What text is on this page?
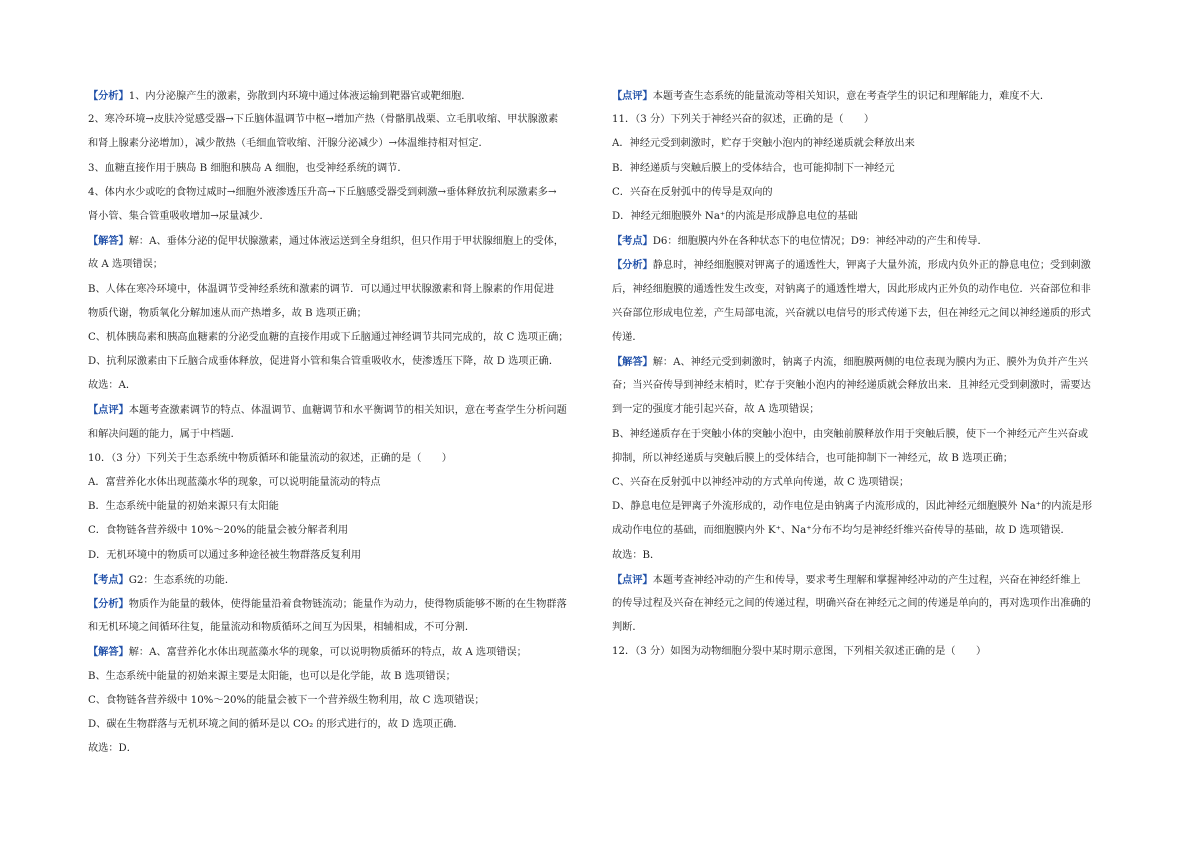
【分析】1、内分泌腺产生的激素，弥散到内环境中通过体液运输到靶器官或靶细胞．
2、寒冷环境→皮肤冷觉感受器→下丘脑体温调节中枢→增加产热（骨骼肌战栗、立毛肌收缩、甲状腺激素
和肾上腺素分泌增加），减少散热（毛细血管收缩、汗腺分泌减少）→体温维持相对恒定．
3、血糖直接作用于胰岛 B 细胞和胰岛 A 细胞，也受神经系统的调节．
4、体内水少或吃的食物过咸时→细胞外液渗透压升高→下丘脑感受器受到刺激→垂体释放抗利尿激素多→
肾小管、集合管重吸收增加→尿量减少．
【解答】解：A、垂体分泌的促甲状腺激素，通过体液运送到全身组织，但只作用于甲状腺细胞上的受体，
故 A 选项错误；
B、人体在寒冷环境中，体温调节受神经系统和激素的调节．可以通过甲状腺激素和肾上腺素的作用促进
物质代谢，物质氧化分解加速从而产热增多，故 B 选项正确；
C、机体胰岛素和胰高血糖素的分泌受血糖的直接作用或下丘脑通过神经调节共同完成的，故 C 选项正确；
D、抗利尿激素由下丘脑合成垂体释放，促进肾小管和集合管重吸收水，使渗透压下降，故 D 选项正确．
故选：A．
【点评】本题考查激素调节的特点、体温调节、血糖调节和水平衡调节的相关知识，意在考查学生分析问题
和解决问题的能力，属于中档题．
10．（3 分）下列关于生态系统中物质循环和能量流动的叙述，正确的是（　　）
A．富营养化水体出现蓝藻水华的现象，可以说明能量流动的特点
B．生态系统中能量的初始来源只有太阳能
C．食物链各营养级中 10%～20%的能量会被分解者利用
D．无机环境中的物质可以通过多种途径被生物群落反复利用
【考点】G2：生态系统的功能．
【分析】物质作为能量的载体，使得能量沿着食物链流动；能量作为动力，使得物质能够不断的在生物群落
和无机环境之间循环往复，能量流动和物质循环之间互为因果，相辅相成，不可分割．
【解答】解：A、富营养化水体出现蓝藻水华的现象，可以说明物质循环的特点，故 A 选项错误；
B、生态系统中能量的初始来源主要是太阳能，也可以是化学能，故 B 选项错误；
C、食物链各营养级中 10%～20%的能量会被下一个营养级生物利用，故 C 选项错误；
D、碳在生物群落与无机环境之间的循环是以 CO₂ 的形式进行的，故 D 选项正确．
故选：D．
【点评】本题考查生态系统的能量流动等相关知识，意在考查学生的识记和理解能力，难度不大．
11．（3 分）下列关于神经兴奋的叙述，正确的是（　　）
A．神经元受到刺激时，贮存于突触小泡内的神经递质就会释放出来
B．神经递质与突触后膜上的受体结合，也可能抑制下一神经元
C．兴奋在反射弧中的传导是双向的
D．神经元细胞膜外 Na⁺的内流是形成静息电位的基础
【考点】D6：细胞膜内外在各种状态下的电位情况；D9：神经冲动的产生和传导．
【分析】静息时，神经细胞膜对钾离子的通透性大，钾离子大量外流，形成内负外正的静息电位；受到刺激
后，神经细胞膜的通透性发生改变，对钠离子的通透性增大，因此形成内正外负的动作电位．兴奋部位和非
兴奋部位形成电位差，产生局部电流，兴奋就以电信号的形式传递下去，但在神经元之间以神经递质的形式
传递．
【解答】解：A、神经元受到刺激时，钠离子内流，细胞膜两侧的电位表现为膜内为正、膜外为负并产生兴
奋；当兴奋传导到神经末梢时，贮存于突触小泡内的神经递质就会释放出来．且神经元受到刺激时，需要达
到一定的强度才能引起兴奋，故 A 选项错误；
B、神经递质存在于突触小体的突触小泡中，由突触前膜释放作用于突触后膜，使下一个神经元产生兴奋或
抑制，所以神经递质与突触后膜上的受体结合，也可能抑制下一神经元，故 B 选项正确；
C、兴奋在反射弧中以神经冲动的方式单向传递，故 C 选项错误；
D、静息电位是钾离子外流形成的，动作电位是由钠离子内流形成的，因此神经元细胞膜外 Na⁺的内流是形
成动作电位的基础，而细胞膜内外 K⁺、Na⁺分布不均匀是神经纤维兴奋传导的基础，故 D 选项错误．
故选：B．
【点评】本题考查神经冲动的产生和传导，要求考生理解和掌握神经冲动的产生过程，兴奋在神经纤维上
的传导过程及兴奋在神经元之间的传递过程，明确兴奋在神经元之间的传递是单向的，再对选项作出准确的
判断．
12．（3 分）如图为动物细胞分裂中某时期示意图，下列相关叙述正确的是（　　）
